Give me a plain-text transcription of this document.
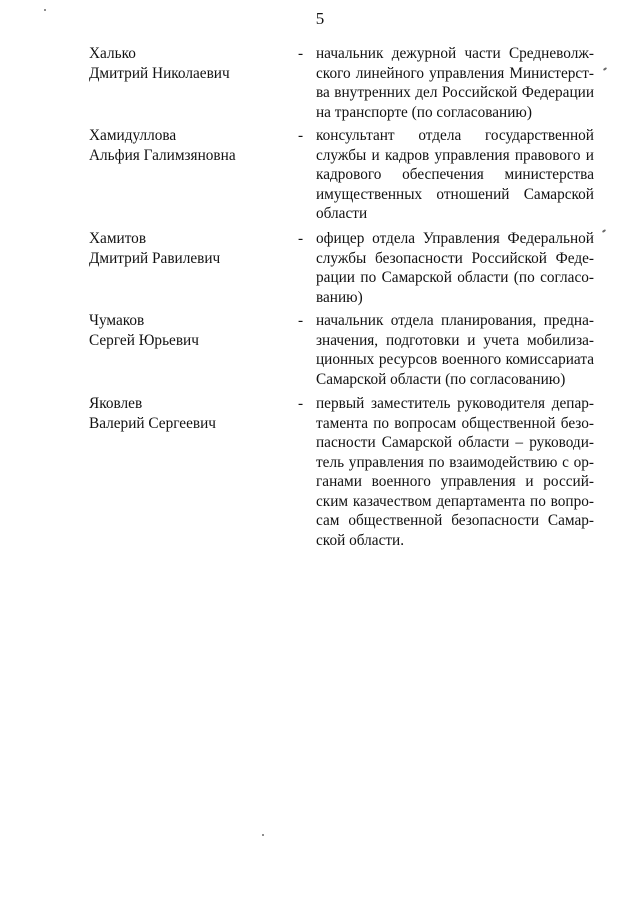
5
Халько
Дмитрий Николаевич
- начальник дежурной части Средневолж-
ского линейного управления Министерст-
ва внутренних дел Российской Федерации
на транспорте (по согласованию)
Хамидуллова
Альфия Галимзяновна
- консультант отдела государственной
службы и кадров управления правового и
кадрового обеспечения министерства
имущественных отношений Самарской
области
Хамитов
Дмитрий Равилевич
- офицер отдела Управления Федеральной
службы безопасности Российской Феде-
рации по Самарской области (по согласо-
ванию)
Чумаков
Сергей Юрьевич
- начальник отдела планирования, предна-
значения, подготовки и учета мобилиза-
ционных ресурсов военного комиссариата
Самарской области (по согласованию)
Яковлев
Валерий Сергеевич
- первый заместитель руководителя депар-
тамента по вопросам общественной безо-
пасности Самарской области – руководи-
тель управления по взаимодействию с ор-
ганами военного управления и россий-
ским казачеством департамента по вопро-
сам общественной безопасности Самар-
ской области.
